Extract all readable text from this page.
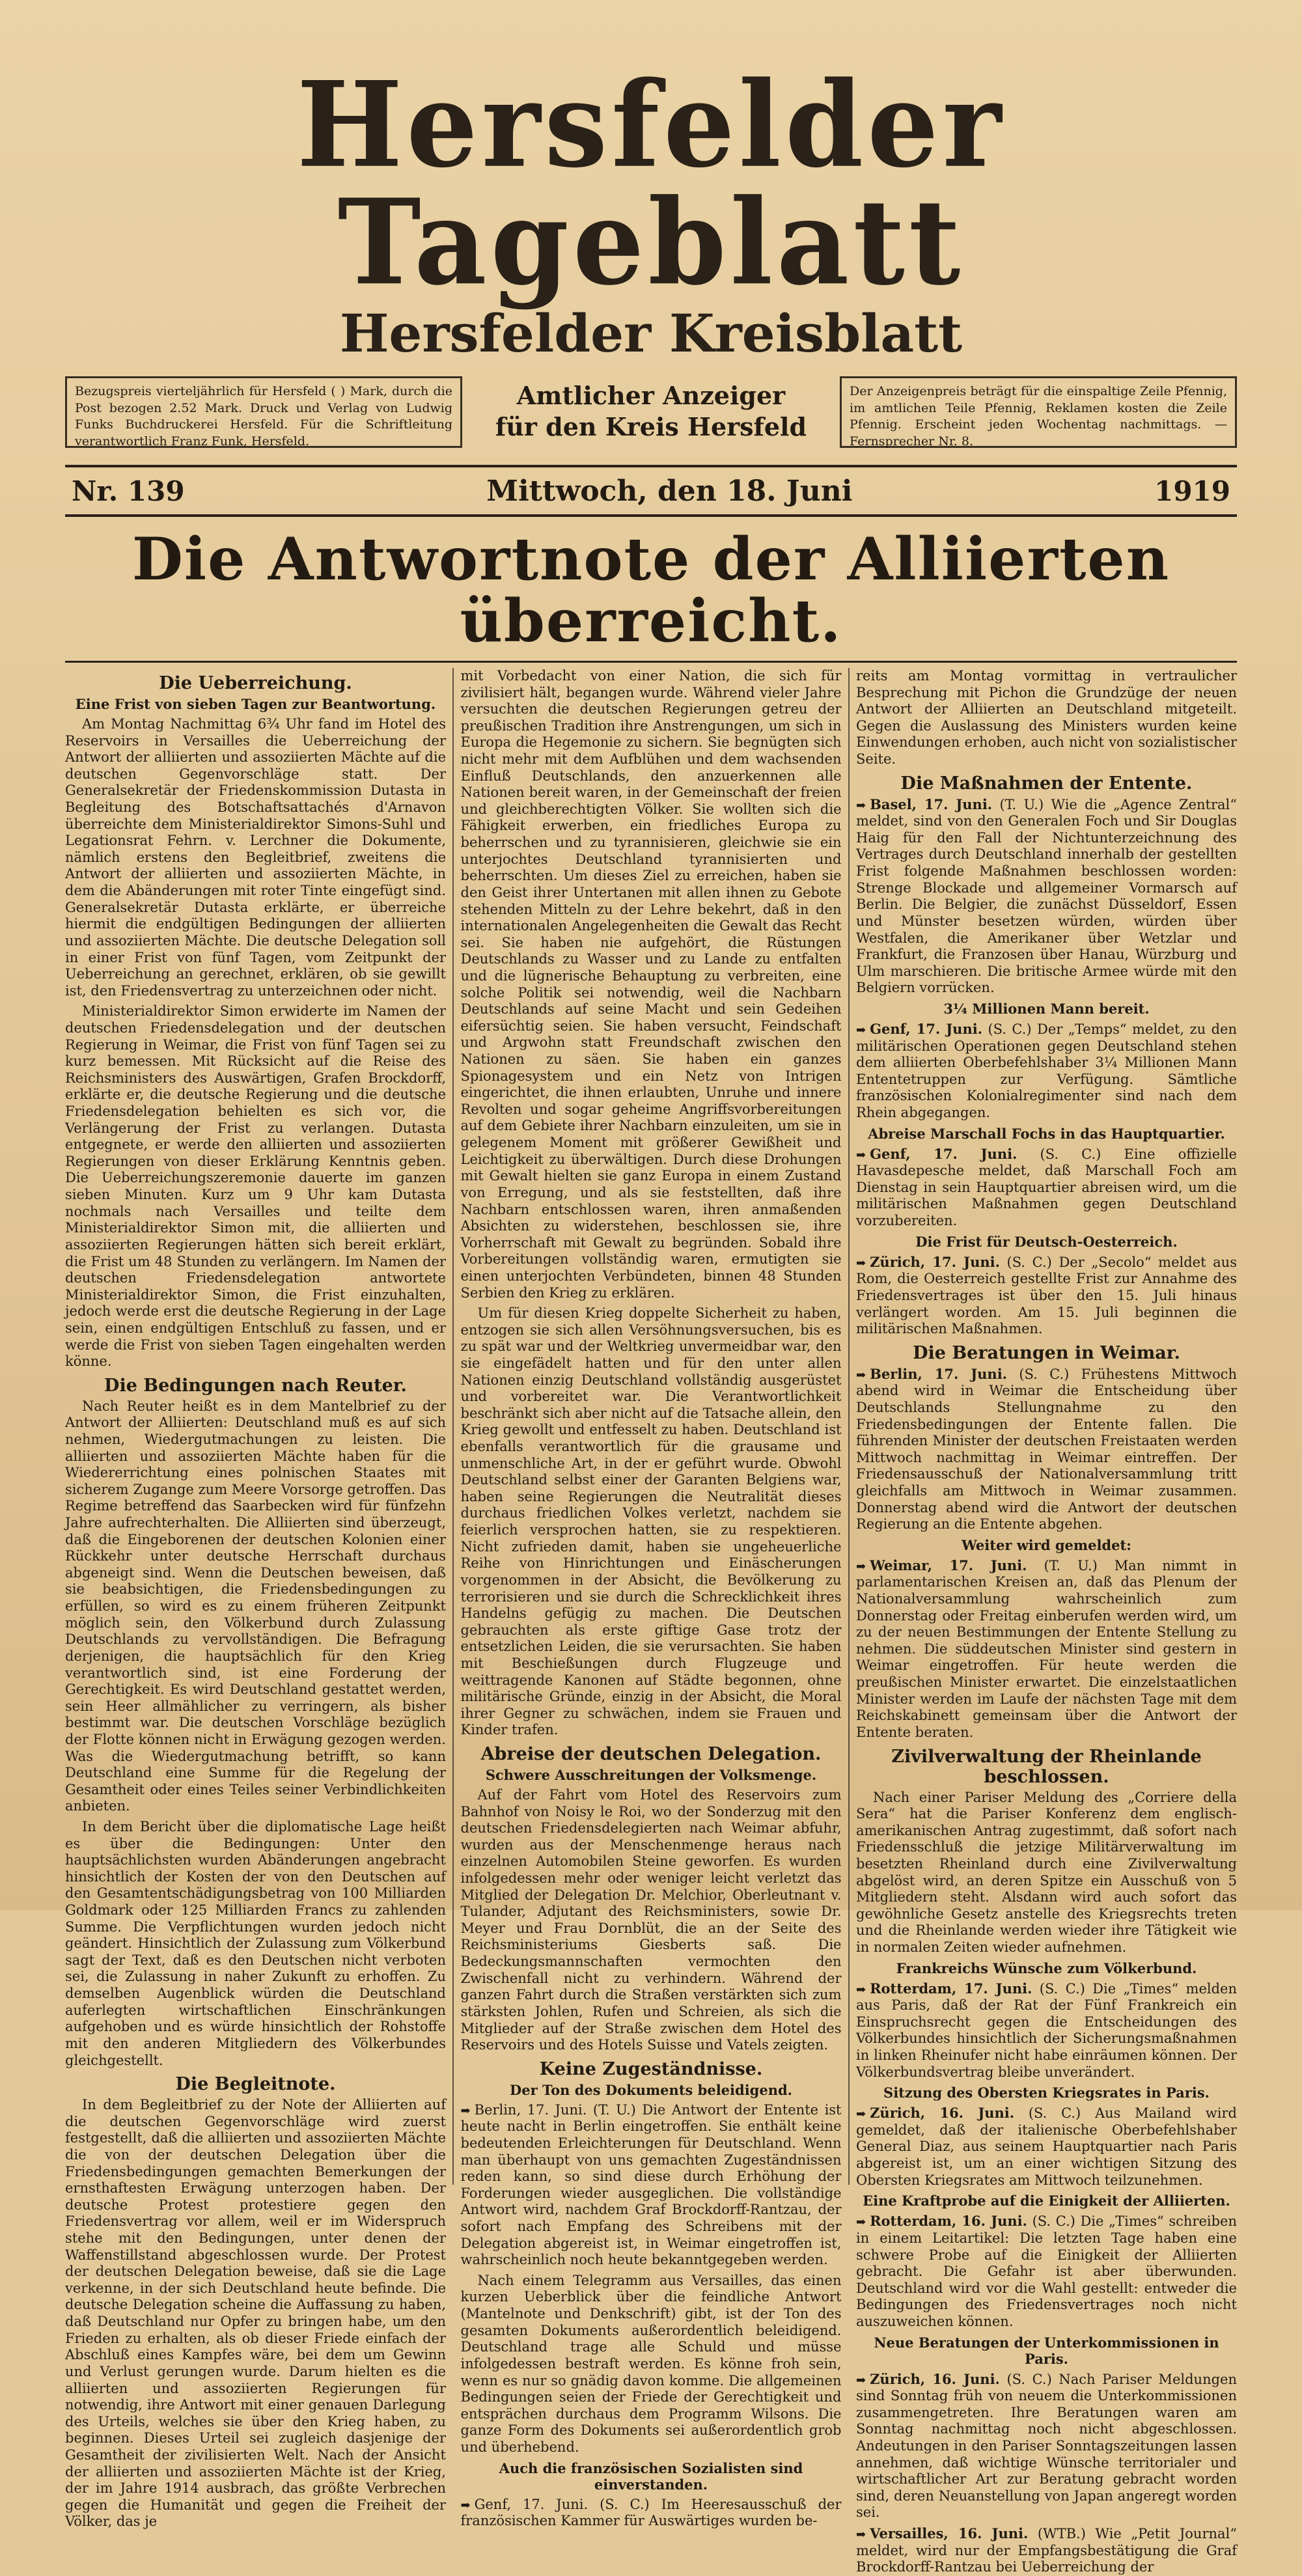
Hersfelder Tageblatt
Hersfelder Kreisblatt
Bezugspreis vierteljährlich für Hersfeld ( ) Mark, durch die Post bezogen 2.52 Mark. Druck und Verlag von Ludwig Funks Buchdruckerei Hersfeld. Für die Schriftleitung verantwortlich Franz Funk, Hersfeld.
Amtlicher Anzeiger
für den Kreis Hersfeld
Der Anzeigenpreis beträgt für die einspaltige Zeile Pfennig, im amtlichen Teile Pfennig, Reklamen kosten die Zeile Pfennig. Erscheint jeden Wochentag nachmittags. — Fernsprecher Nr. 8.
Nr. 139	Mittwoch, den 18. Juni	1919
Die Antwortnote der Alliierten überreicht.
Die Ueberreichung.
Eine Frist von sieben Tagen zur Beantwortung.

Am Montag Nachmittag 6¾ Uhr fand im Hotel des Reservoirs in Versailles die Ueberreichung der Antwort der alliierten und assoziierten Mächte auf die deutschen Gegenvorschläge statt. Der Generalsekretär der Friedenskommission Dutasta in Begleitung des Botschaftsattachés d'Arnavon überreichte dem Ministerialdirektor Simons-Suhl und Legationsrat Fehrn. v. Lerchner die Dokumente, nämlich erstens den Begleitbrief, zweitens die Antwort der alliierten und assoziierten Mächte, in dem die Abänderungen mit roter Tinte eingefügt sind. Generalsekretär Dutasta erklärte, er überreiche hiermit die endgültigen Bedingungen der alliierten und assoziierten Mächte. Die deutsche Delegation soll in einer Frist von fünf Tagen, vom Zeitpunkt der Ueberreichung an gerechnet, erklären, ob sie gewillt ist, den Friedensvertrag zu unterzeichnen oder nicht.

Ministerialdirektor Simon erwiderte im Namen der deutschen Friedensdelegation und der deutschen Regierung in Weimar, die Frist von fünf Tagen sei zu kurz bemessen. Mit Rücksicht auf die Reise des Reichsministers des Auswärtigen, Grafen Brockdorff, erklärte er, die deutsche Regierung und die deutsche Friedensdelegation behielten es sich vor, die Verlängerung der Frist zu verlangen. Dutasta entgegnete, er werde den alliierten und assoziierten Regierungen von dieser Erklärung Kenntnis geben. Die Ueberreichungszeremonie dauerte im ganzen sieben Minuten. Kurz um 9 Uhr kam Dutasta nochmals nach Versailles und teilte dem Ministerialdirektor Simon mit, die alliierten und assoziierten Regierungen hätten sich bereit erklärt, die Frist um 48 Stunden zu verlängern. Im Namen der deutschen Friedensdelegation antwortete Ministerialdirektor Simon, die Frist einzuhalten, jedoch werde erst die deutsche Regierung in der Lage sein, einen endgültigen Entschluß zu fassen, und er werde die Frist von sieben Tagen eingehalten werden könne.

Die Bedingungen nach Reuter.

Nach Reuter heißt es in dem Mantelbrief zu der Antwort der Alliierten: Deutschland muß es auf sich nehmen, Wiedergutmachungen zu leisten. Die alliierten und assoziierten Mächte haben für die Wiedererrichtung eines polnischen Staates mit sicherem Zugange zum Meere Vorsorge getroffen. Das Regime betreffend das Saarbecken wird für fünfzehn Jahre aufrechterhalten. Die Alliierten sind überzeugt, daß die Eingeborenen der deutschen Kolonien einer Rückkehr unter deutsche Herrschaft durchaus abgeneigt sind. Wenn die Deutschen beweisen, daß sie beabsichtigen, die Friedensbedingungen zu erfüllen, so wird es zu einem früheren Zeitpunkt möglich sein, den Völkerbund durch Zulassung Deutschlands zu vervollständigen. Die Befragung derjenigen, die hauptsächlich für den Krieg verantwortlich sind, ist eine Forderung der Gerechtigkeit. Es wird Deutschland gestattet werden, sein Heer allmählicher zu verringern, als bisher bestimmt war. Die deutschen Vorschläge bezüglich der Flotte können nicht in Erwägung gezogen werden. Was die Wiedergutmachung betrifft, so kann Deutschland eine Summe für die Regelung der Gesamtheit oder eines Teiles seiner Verbindlichkeiten anbieten.

In dem Bericht über die diplomatische Lage heißt es über die Bedingungen: Unter den hauptsächlichsten wurden Abänderungen angebracht hinsichtlich der Kosten der von den Deutschen auf den Gesamtentschädigungsbetrag von 100 Milliarden Goldmark oder 125 Milliarden Francs zu zahlenden Summe. Die Verpflichtungen wurden jedoch nicht geändert. Hinsichtlich der Zulassung zum Völkerbund sagt der Text, daß es den Deutschen nicht verboten sei, die Zulassung in naher Zukunft zu erhoffen. Zu demselben Augenblick würden die Deutschland auferlegten wirtschaftlichen Einschränkungen aufgehoben und es würde hinsichtlich der Rohstoffe mit den anderen Mitgliedern des Völkerbundes gleichgestellt.

Die Begleitnote.

In dem Begleitbrief zu der Note der Alliierten auf die deutschen Gegenvorschläge wird zuerst festgestellt, daß die alliierten und assoziierten Mächte die von der deutschen Delegation über die Friedensbedingungen gemachten Bemerkungen der ernsthaftesten Erwägung unterzogen haben. Der deutsche Protest protestiere gegen den Friedensvertrag vor allem, weil er im Widerspruch stehe mit den Bedingungen, unter denen der Waffenstillstand abgeschlossen wurde. Der Protest der deutschen Delegation beweise, daß sie die Lage verkenne, in der sich Deutschland heute befinde. Die deutsche Delegation scheine die Auffassung zu haben, daß Deutschland nur Opfer zu bringen habe, um den Frieden zu erhalten, als ob dieser Friede einfach der Abschluß eines Kampfes wäre, bei dem um Gewinn und Verlust gerungen wurde. Darum hielten es die alliierten und assoziierten Regierungen für notwendig, ihre Antwort mit einer genauen Darlegung des Urteils, welches sie über den Krieg haben, zu beginnen. Dieses Urteil sei zugleich dasjenige der Gesamtheit der zivilisierten Welt. Nach der Ansicht der alliierten und assoziierten Mächte ist der Krieg, der im Jahre 1914 ausbrach, das größte Verbrechen gegen die Humanität und gegen die Freiheit der Völker, das je

mit Vorbedacht von einer Nation, die sich für zivilisiert hält, begangen wurde. Während vieler Jahre versuchten die deutschen Regierungen getreu der preußischen Tradition ihre Anstrengungen, um sich in Europa die Hegemonie zu sichern. Sie begnügten sich nicht mehr mit dem Aufblühen und dem wachsenden Einfluß Deutschlands, den anzuerkennen alle Nationen bereit waren, in der Gemeinschaft der freien und gleichberechtigten Völker. Sie wollten sich die Fähigkeit erwerben, ein friedliches Europa zu beherrschen und zu tyrannisieren, gleichwie sie ein unterjochtes Deutschland tyrannisierten und beherrschten. Um dieses Ziel zu erreichen, haben sie den Geist ihrer Untertanen mit allen ihnen zu Gebote stehenden Mitteln zu der Lehre bekehrt, daß in den internationalen Angelegenheiten die Gewalt das Recht sei. Sie haben nie aufgehört, die Rüstungen Deutschlands zu Wasser und zu Lande zu entfalten und die lügnerische Behauptung zu verbreiten, eine solche Politik sei notwendig, weil die Nachbarn Deutschlands auf seine Macht und sein Gedeihen eifersüchtig seien. Sie haben versucht, Feindschaft und Argwohn statt Freundschaft zwischen den Nationen zu säen. Sie haben ein ganzes Spionagesystem und ein Netz von Intrigen eingerichtet, die ihnen erlaubten, Unruhe und innere Revolten und sogar geheime Angriffsvorbereitungen auf dem Gebiete ihrer Nachbarn einzuleiten, um sie in gelegenem Moment mit größerer Gewißheit und Leichtigkeit zu überwältigen. Durch diese Drohungen mit Gewalt hielten sie ganz Europa in einem Zustand von Erregung, und als sie feststellten, daß ihre Nachbarn entschlossen waren, ihren anmaßenden Absichten zu widerstehen, beschlossen sie, ihre Vorherrschaft mit Gewalt zu begründen. Sobald ihre Vorbereitungen vollständig waren, ermutigten sie einen unterjochten Verbündeten, binnen 48 Stunden Serbien den Krieg zu erklären.

Um für diesen Krieg doppelte Sicherheit zu haben, entzogen sie sich allen Versöhnungsversuchen, bis es zu spät war und der Weltkrieg unvermeidbar war, den sie eingefädelt hatten und für den unter allen Nationen einzig Deutschland vollständig ausgerüstet und vorbereitet war. Die Verantwortlichkeit beschränkt sich aber nicht auf die Tatsache allein, den Krieg gewollt und entfesselt zu haben. Deutschland ist ebenfalls verantwortlich für die grausame und unmenschliche Art, in der er geführt wurde. Obwohl Deutschland selbst einer der Garanten Belgiens war, haben seine Regierungen die Neutralität dieses durchaus friedlichen Volkes verletzt, nachdem sie feierlich versprochen hatten, sie zu respektieren. Nicht zufrieden damit, haben sie ungeheuerliche Reihe von Hinrichtungen und Einäscherungen vorgenommen in der Absicht, die Bevölkerung zu terrorisieren und sie durch die Schrecklichkeit ihres Handelns gefügig zu machen. Die Deutschen gebrauchten als erste giftige Gase trotz der entsetzlichen Leiden, die sie verursachten. Sie haben mit Beschießungen durch Flugzeuge und weittragende Kanonen auf Städte begonnen, ohne militärische Gründe, einzig in der Absicht, die Moral ihrer Gegner zu schwächen, indem sie Frauen und Kinder trafen.

Abreise der deutschen Delegation.
Schwere Ausschreitungen der Volksmenge.

Auf der Fahrt vom Hotel des Reservoirs zum Bahnhof von Noisy le Roi, wo der Sonderzug mit den deutschen Friedensdelegierten nach Weimar abfuhr, wurden aus der Menschenmenge heraus nach einzelnen Automobilen Steine geworfen. Es wurden infolgedessen mehr oder weniger leicht verletzt das Mitglied der Delegation Dr. Melchior, Oberleutnant v. Tulander, Adjutant des Reichsministers, sowie Dr. Meyer und Frau Dornblüt, die an der Seite des Reichsministeriums Giesberts saß. Die Bedeckungsmannschaften vermochten den Zwischenfall nicht zu verhindern. Während der ganzen Fahrt durch die Straßen verstärkten sich zum stärksten Johlen, Rufen und Schreien, als sich die Mitglieder auf der Straße zwischen dem Hotel des Reservoirs und des Hotels Suisse und Vatels zeigten.

Keine Zugeständnisse.
Der Ton des Dokuments beleidigend.

➡ Berlin, 17. Juni. (T. U.) Die Antwort der Entente ist heute nacht in Berlin eingetroffen. Sie enthält keine bedeutenden Erleichterungen für Deutschland. Wenn man überhaupt von uns gemachten Zugeständnissen reden kann, so sind diese durch Erhöhung der Forderungen wieder ausgeglichen. Die vollständige Antwort wird, nachdem Graf Brockdorff-Rantzau, der sofort nach Empfang des Schreibens mit der Delegation abgereist ist, in Weimar eingetroffen ist, wahrscheinlich noch heute bekanntgegeben werden.

Nach einem Telegramm aus Versailles, das einen kurzen Ueberblick über die feindliche Antwort (Mantelnote und Denkschrift) gibt, ist der Ton des gesamten Dokuments außerordentlich beleidigend. Deutschland trage alle Schuld und müsse infolgedessen bestraft werden. Es könne froh sein, wenn es nur so gnädig davon komme. Die allgemeinen Bedingungen seien der Friede der Gerechtigkeit und entsprächen durchaus dem Programm Wilsons. Die ganze Form des Dokuments sei außerordentlich grob und überhebend.

Auch die französischen Sozialisten sind einverstanden.

➡ Genf, 17. Juni. (S. C.) Im Heeresausschuß der französischen Kammer für Auswärtiges wurden be-

reits am Montag vormittag in vertraulicher Besprechung mit Pichon die Grundzüge der neuen Antwort der Alliierten an Deutschland mitgeteilt. Gegen die Auslassung des Ministers wurden keine Einwendungen erhoben, auch nicht von sozialistischer Seite.

Die Maßnahmen der Entente.

➡ Basel, 17. Juni. (T. U.) Wie die „Agence Zentral“ meldet, sind von den Generalen Foch und Sir Douglas Haig für den Fall der Nichtunterzeichnung des Vertrages durch Deutschland innerhalb der gestellten Frist folgende Maßnahmen beschlossen worden: Strenge Blockade und allgemeiner Vormarsch auf Berlin. Die Belgier, die zunächst Düsseldorf, Essen und Münster besetzen würden, würden über Westfalen, die Amerikaner über Wetzlar und Frankfurt, die Franzosen über Hanau, Würzburg und Ulm marschieren. Die britische Armee würde mit den Belgiern vorrücken.

3¼ Millionen Mann bereit.

➡ Genf, 17. Juni. (S. C.) Der „Temps“ meldet, zu den militärischen Operationen gegen Deutschland stehen dem alliierten Oberbefehlshaber 3¼ Millionen Mann Ententetruppen zur Verfügung. Sämtliche französischen Kolonialregimenter sind nach dem Rhein abgegangen.

Abreise Marschall Fochs in das Hauptquartier.

➡ Genf, 17. Juni. (S. C.) Eine offizielle Havasdepesche meldet, daß Marschall Foch am Dienstag in sein Hauptquartier abreisen wird, um die militärischen Maßnahmen gegen Deutschland vorzubereiten.

Die Frist für Deutsch-Oesterreich.

➡ Zürich, 17. Juni. (S. C.) Der „Secolo“ meldet aus Rom, die Oesterreich gestellte Frist zur Annahme des Friedensvertrages ist über den 15. Juli hinaus verlängert worden. Am 15. Juli beginnen die militärischen Maßnahmen.

Die Beratungen in Weimar.

➡ Berlin, 17. Juni. (S. C.) Frühestens Mittwoch abend wird in Weimar die Entscheidung über Deutschlands Stellungnahme zu den Friedensbedingungen der Entente fallen. Die führenden Minister der deutschen Freistaaten werden Mittwoch nachmittag in Weimar eintreffen. Der Friedensausschuß der Nationalversammlung tritt gleichfalls am Mittwoch in Weimar zusammen. Donnerstag abend wird die Antwort der deutschen Regierung an die Entente abgehen.

Weiter wird gemeldet:

➡ Weimar, 17. Juni. (T. U.) Man nimmt in parlamentarischen Kreisen an, daß das Plenum der Nationalversammlung wahrscheinlich zum Donnerstag oder Freitag einberufen werden wird, um zu der neuen Bestimmungen der Entente Stellung zu nehmen. Die süddeutschen Minister sind gestern in Weimar eingetroffen. Für heute werden die preußischen Minister erwartet. Die einzelstaatlichen Minister werden im Laufe der nächsten Tage mit dem Reichskabinett gemeinsam über die Antwort der Entente beraten.

Zivilverwaltung der Rheinlande beschlossen.

Nach einer Pariser Meldung des „Corriere della Sera“ hat die Pariser Konferenz dem englisch-amerikanischen Antrag zugestimmt, daß sofort nach Friedensschluß die jetzige Militärverwaltung im besetzten Rheinland durch eine Zivilverwaltung abgelöst wird, an deren Spitze ein Ausschuß von 5 Mitgliedern steht. Alsdann wird auch sofort das gewöhnliche Gesetz anstelle des Kriegsrechts treten und die Rheinlande werden wieder ihre Tätigkeit wie in normalen Zeiten wieder aufnehmen.

Frankreichs Wünsche zum Völkerbund.

➡ Rotterdam, 17. Juni. (S. C.) Die „Times“ melden aus Paris, daß der Rat der Fünf Frankreich ein Einspruchsrecht gegen die Entscheidungen des Völkerbundes hinsichtlich der Sicherungsmaßnahmen in linken Rheinufer nicht habe einräumen können. Der Völkerbundsvertrag bleibe unverändert.

Sitzung des Obersten Kriegsrates in Paris.

➡ Zürich, 16. Juni. (S. C.) Aus Mailand wird gemeldet, daß der italienische Oberbefehlshaber General Diaz, aus seinem Hauptquartier nach Paris abgereist ist, um an einer wichtigen Sitzung des Obersten Kriegsrates am Mittwoch teilzunehmen.

Eine Kraftprobe auf die Einigkeit der Alliierten.

➡ Rotterdam, 16. Juni. (S. C.) Die „Times“ schreiben in einem Leitartikel: Die letzten Tage haben eine schwere Probe auf die Einigkeit der Alliierten gebracht. Die Gefahr ist aber überwunden. Deutschland wird vor die Wahl gestellt: entweder die Bedingungen des Friedensvertrages noch nicht auszuweichen können.

Neue Beratungen der Unterkommissionen in Paris.

➡ Zürich, 16. Juni. (S. C.) Nach Pariser Meldungen sind Sonntag früh von neuem die Unterkommissionen zusammengetreten. Ihre Beratungen waren am Sonntag nachmittag noch nicht abgeschlossen. Andeutungen in den Pariser Sonntagszeitungen lassen annehmen, daß wichtige Wünsche territorialer und wirtschaftlicher Art zur Beratung gebracht worden sind, deren Neuanstellung von Japan angeregt worden sei.

➡ Versailles, 16. Juni. (WTB.) Wie „Petit Journal“ meldet, wird nur der Empfangsbestätigung die Graf Brockdorff-Rantzau bei Ueberreichung der
